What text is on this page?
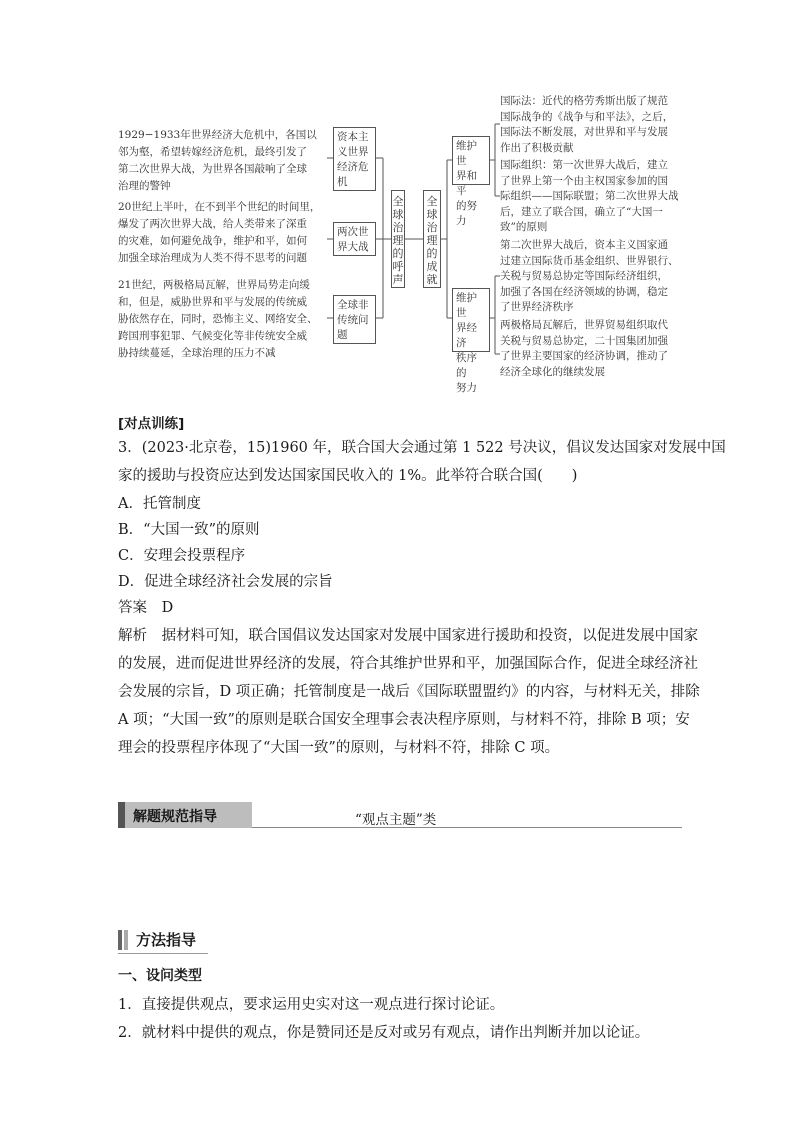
1929−1933年世界经济大危机中，各国以
邻为壑，希望转嫁经济危机，最终引发了
第二次世界大战，为世界各国敲响了全球
治理的警钟
20世纪上半叶，在不到半个世纪的时间里，
爆发了两次世界大战，给人类带来了深重
的灾难，如何避免战争，维护和平，如何
加强全球治理成为人类不得不思考的问题
21世纪，两极格局瓦解，世界局势走向缓
和，但是，威胁世界和平与发展的传统威
胁依然存在，同时，恐怖主义、网络安全、
跨国刑事犯罪、气候变化等非传统安全威
胁持续蔓延，全球治理的压力不减
资本主
义世界
经济危
机
两次世
界大战
全球非
传统问
题
全
球
治
理
的
呼
声
全
球
治
理
的
成
就
维护世
界和平
的努力
维护世
界经济
秩序的
努力
国际法：近代的格劳秀斯出版了规范
国际战争的《战争与和平法》，之后，
国际法不断发展，对世界和平与发展
作出了积极贡献
国际组织：第一次世界大战后，建立
了世界上第一个由主权国家参加的国
际组织——国际联盟；第二次世界大战
后，建立了联合国，确立了“大国一
致”的原则
第二次世界大战后，资本主义国家通
过建立国际货币基金组织、世界银行、
关税与贸易总协定等国际经济组织，
加强了各国在经济领域的协调，稳定
了世界经济秩序
两极格局瓦解后，世界贸易组织取代
关税与贸易总协定，二十国集团加强
了世界主要国家的经济协调，推动了
经济全球化的继续发展
[对点训练]
3．(2023·北京卷，15)1960 年，联合国大会通过第 1 522 号决议，倡议发达国家对发展中国
家的援助与投资应达到发达国家国民收入的 1%。此举符合联合国(　　)
A．托管制度
B．“大国一致”的原则
C．安理会投票程序
D．促进全球经济社会发展的宗旨
答案 D
解析 据材料可知，联合国倡议发达国家对发展中国家进行援助和投资，以促进发展中国家
的发展，进而促进世界经济的发展，符合其维护世界和平，加强国际合作，促进全球经济社
会发展的宗旨，D 项正确；托管制度是一战后《国际联盟盟约》的内容，与材料无关，排除
A 项；“大国一致”的原则是联合国安全理事会表决程序原则，与材料不符，排除 B 项；安
理会的投票程序体现了“大国一致”的原则，与材料不符，排除 C 项。
解题规范指导	“观点主题”类
方法指导
一、设问类型
1．直接提供观点，要求运用史实对这一观点进行探讨论证。
2．就材料中提供的观点，你是赞同还是反对或另有观点，请作出判断并加以论证。
